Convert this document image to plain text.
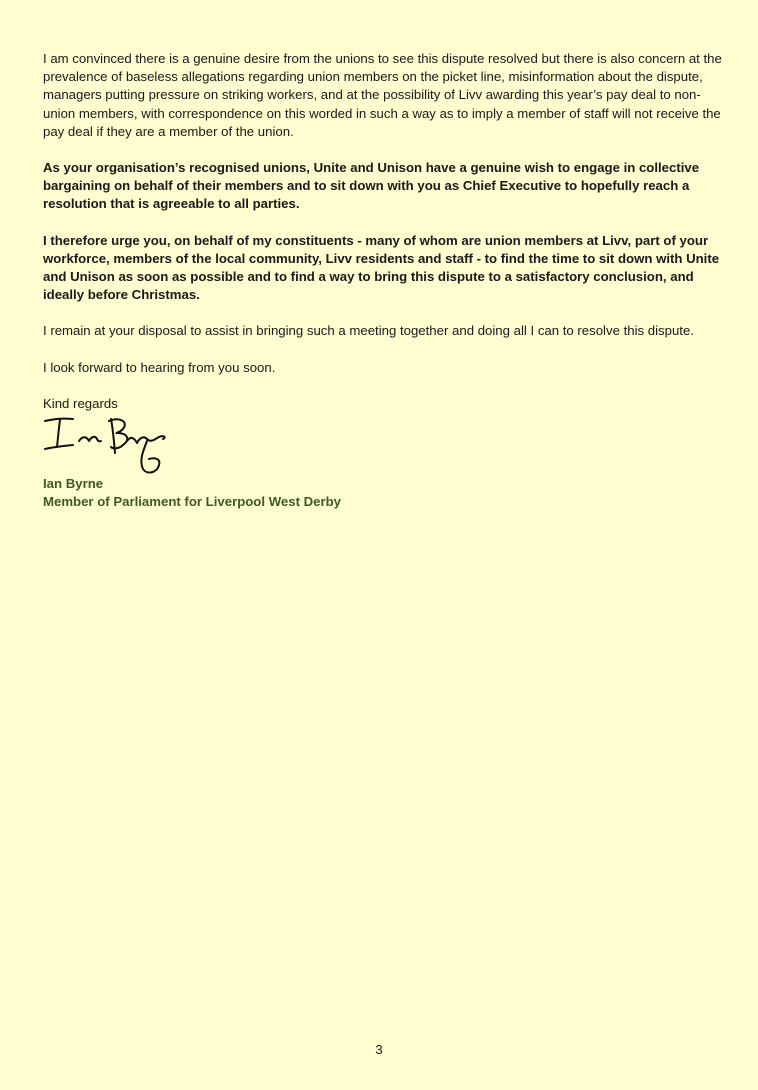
I am convinced there is a genuine desire from the unions to see this dispute resolved but there is also concern at the prevalence of baseless allegations regarding union members on the picket line, misinformation about the dispute, managers putting pressure on striking workers, and at the possibility of Livv awarding this year’s pay deal to non-union members, with correspondence on this worded in such a way as to imply a member of staff will not receive the pay deal if they are a member of the union.

As your organisation’s recognised unions, Unite and Unison have a genuine wish to engage in collective bargaining on behalf of their members and to sit down with you as Chief Executive to hopefully reach a resolution that is agreeable to all parties.

I therefore urge you, on behalf of my constituents - many of whom are union members at Livv, part of your workforce, members of the local community, Livv residents and staff - to find the time to sit down with Unite and Unison as soon as possible and to find a way to bring this dispute to a satisfactory conclusion, and ideally before Christmas.

I remain at your disposal to assist in bringing such a meeting together and doing all I can to resolve this dispute.

I look forward to hearing from you soon.

Kind regards

Ian Byrne
Member of Parliament for Liverpool West Derby
3
